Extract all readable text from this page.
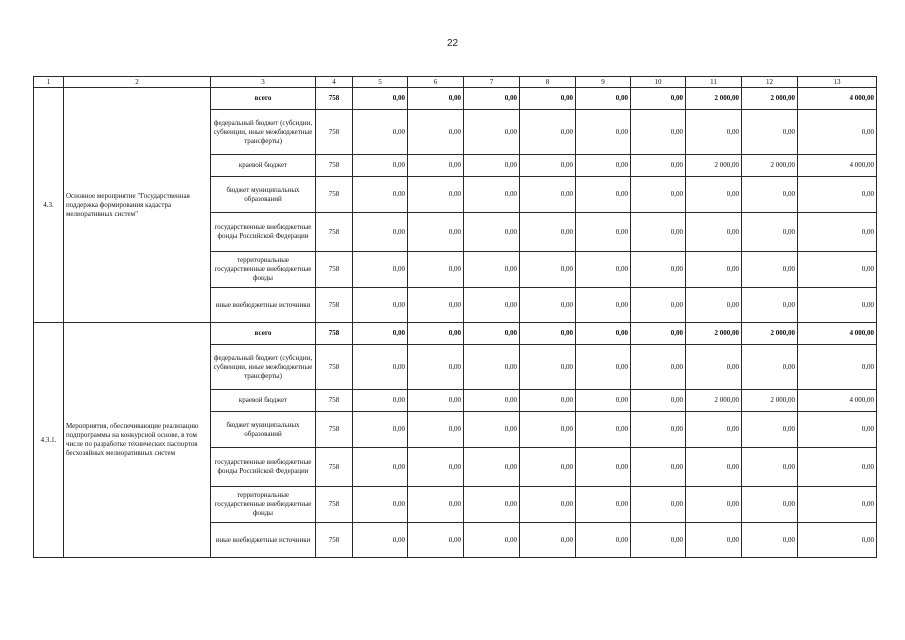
22
1	2	3	4	5	6	7	8	9	10	11	12	13
4.3.	Основное мероприятие "Государственная поддержка формирования кадастра мелиоративных систем"	всего	758	0,00	0,00	0,00	0,00	0,00	0,00	2 000,00	2 000,00	4 000,00
		федеральный бюджет (субсидии, субвенции, иные межбюджетные трансферты)	758	0,00	0,00	0,00	0,00	0,00	0,00	0,00	0,00	0,00
		краевой бюджет	758	0,00	0,00	0,00	0,00	0,00	0,00	2 000,00	2 000,00	4 000,00
		бюджет муниципальных образований	758	0,00	0,00	0,00	0,00	0,00	0,00	0,00	0,00	0,00
		государственные внебюджетные фонды Российской Федерации	758	0,00	0,00	0,00	0,00	0,00	0,00	0,00	0,00	0,00
		территориальные государственные внебюджетные фонды	758	0,00	0,00	0,00	0,00	0,00	0,00	0,00	0,00	0,00
		иные внебюджетные источники	758	0,00	0,00	0,00	0,00	0,00	0,00	0,00	0,00	0,00
4.3.1.	Мероприятия, обеспечивающие реализацию подпрограммы на конкурсной основе, в том числе по разработке технических паспортов бесхозяйных мелиоративных систем	всего	758	0,00	0,00	0,00	0,00	0,00	0,00	2 000,00	2 000,00	4 000,00
		федеральный бюджет (субсидии, субвенции, иные межбюджетные трансферты)	758	0,00	0,00	0,00	0,00	0,00	0,00	0,00	0,00	0,00
		краевой бюджет	758	0,00	0,00	0,00	0,00	0,00	0,00	2 000,00	2 000,00	4 000,00
		бюджет муниципальных образований	758	0,00	0,00	0,00	0,00	0,00	0,00	0,00	0,00	0,00
		государственные внебюджетные фонды Российской Федерации	758	0,00	0,00	0,00	0,00	0,00	0,00	0,00	0,00	0,00
		территориальные государственные внебюджетные фонды	758	0,00	0,00	0,00	0,00	0,00	0,00	0,00	0,00	0,00
		иные внебюджетные источники	758	0,00	0,00	0,00	0,00	0,00	0,00	0,00	0,00	0,00
